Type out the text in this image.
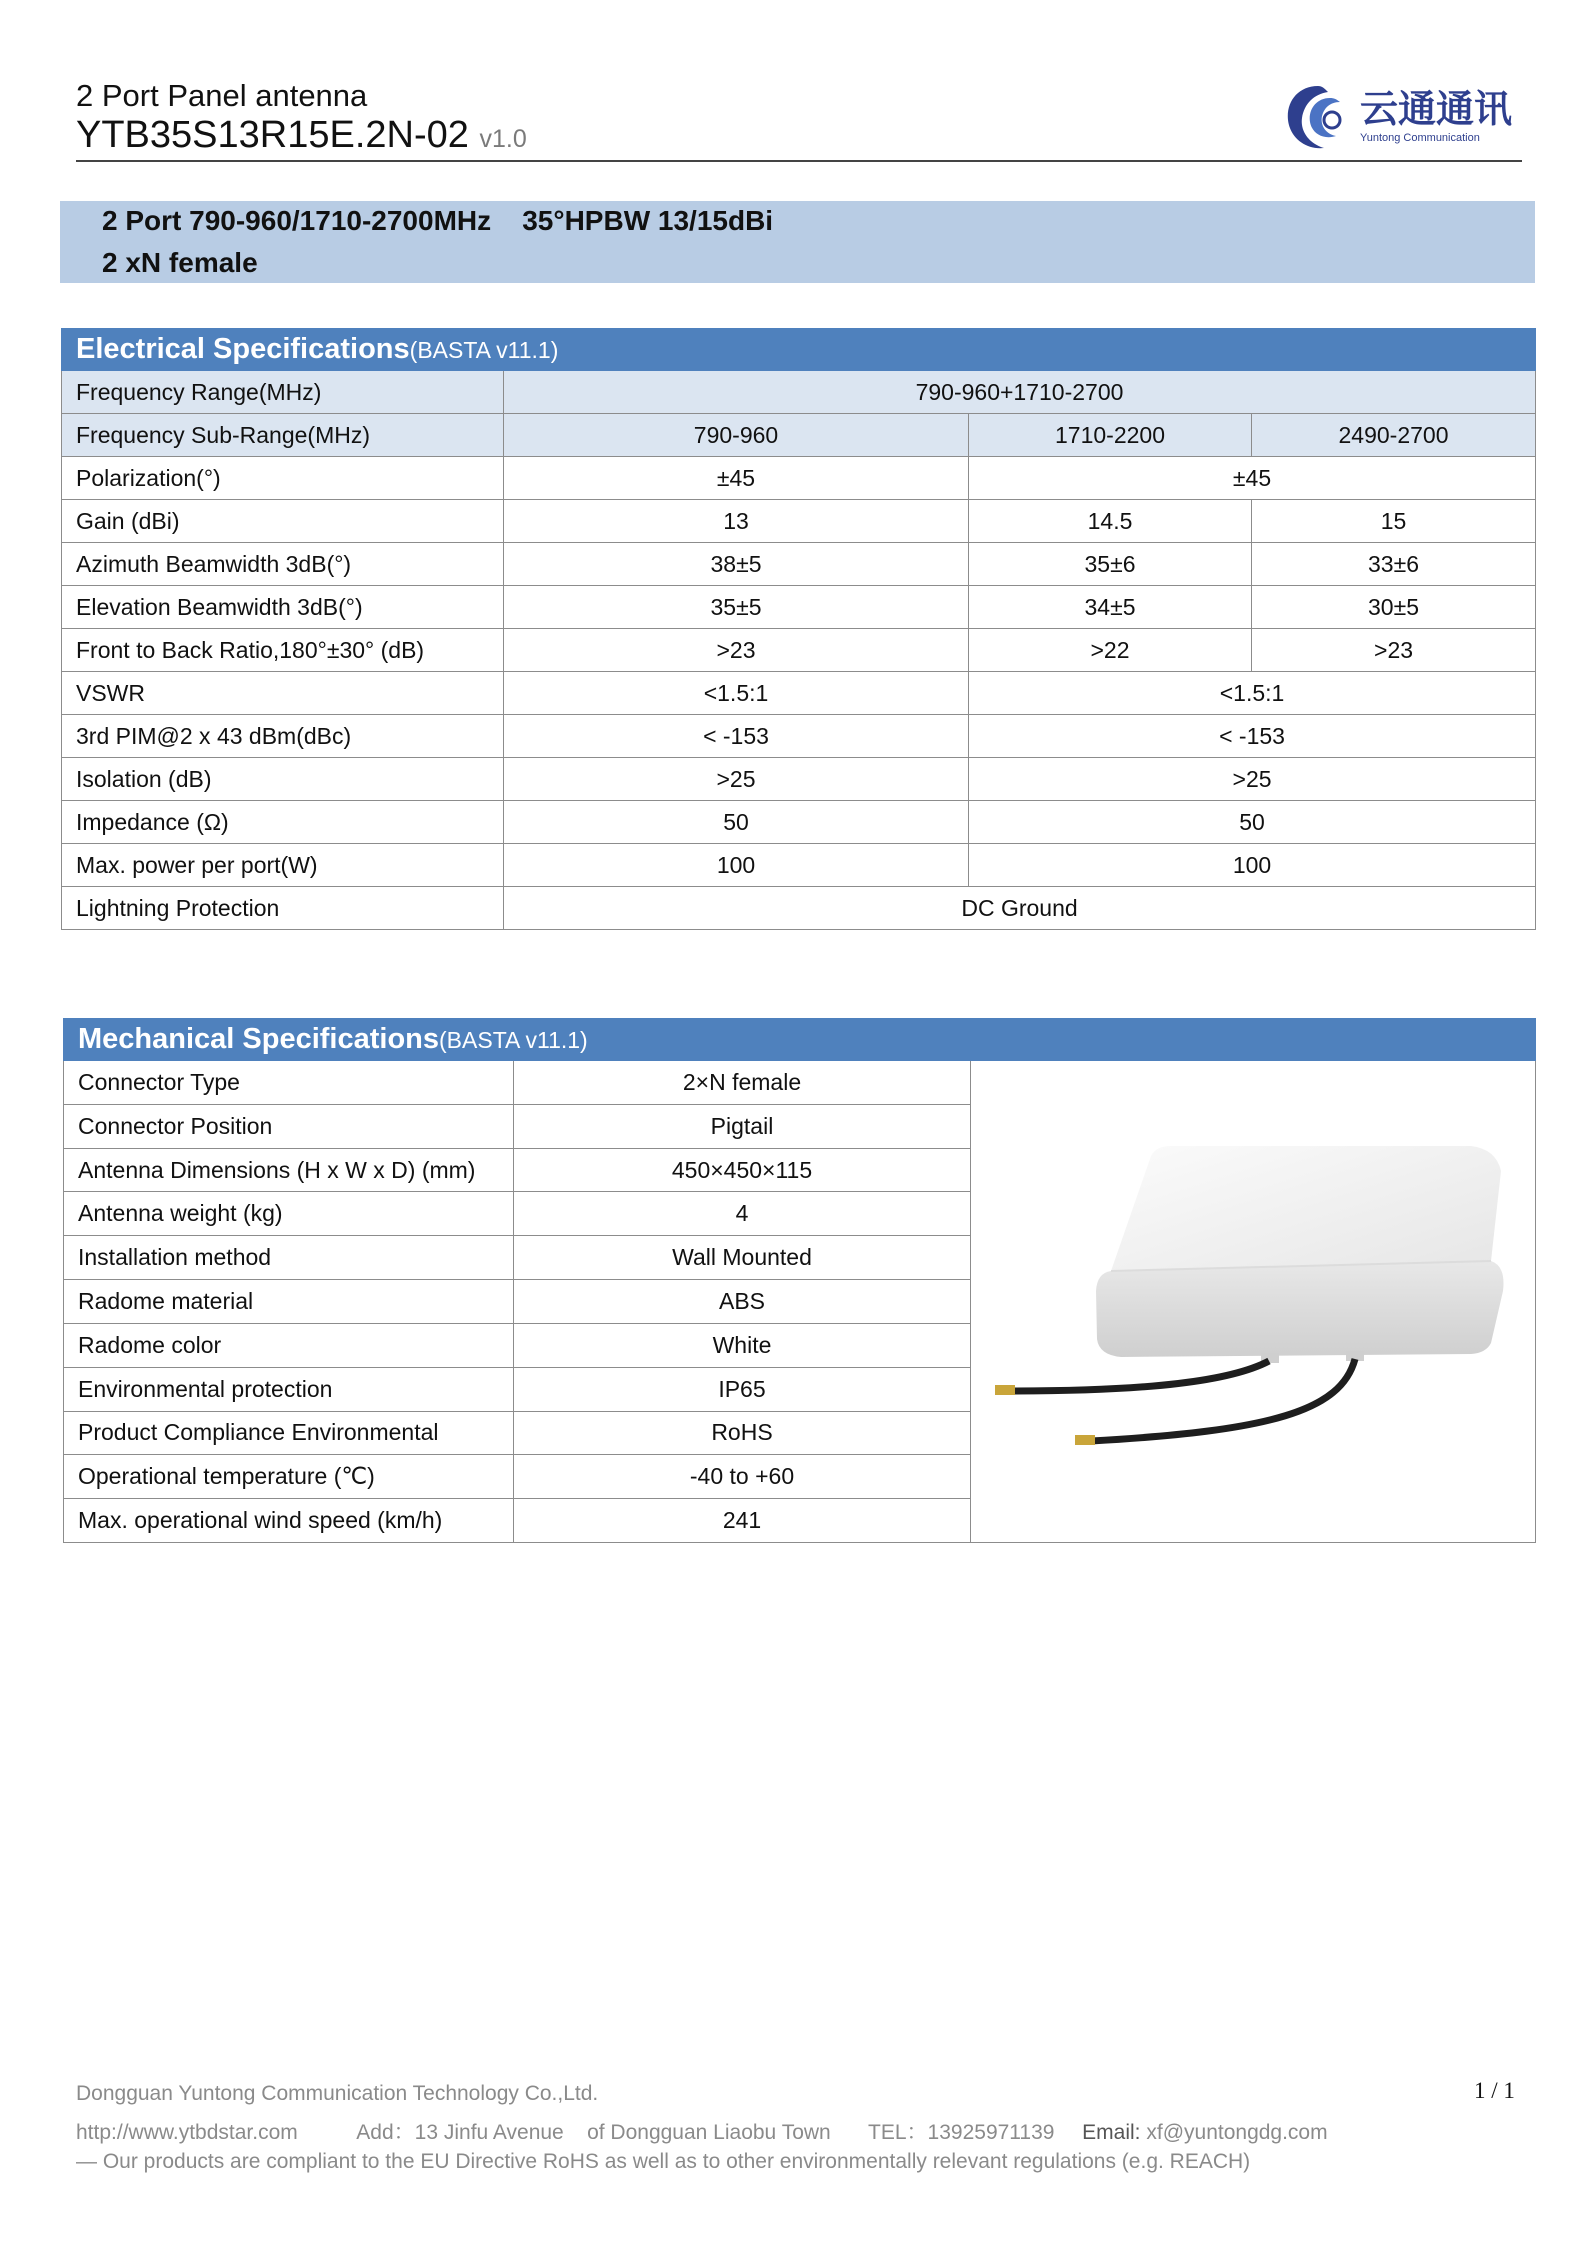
2 Port Panel antenna
YTB35S13R15E.2N-02 v1.0
云通通讯
Yuntong Communication
2 Port 790-960/1710-2700MHz    35°HPBW 13/15dBi
2 xN female
Electrical Specifications(BASTA v11.1)			
Frequency Range(MHz)	790-960+1710-2700		
Frequency Sub-Range(MHz)	790-960	1710-2200	2490-2700
Polarization(°)	±45	±45	
Gain (dBi)	13	14.5	15
Azimuth Beamwidth 3dB(°)	38±5	35±6	33±6
Elevation Beamwidth 3dB(°)	35±5	34±5	30±5
Front to Back Ratio,180°±30° (dB)	>23	>22	>23
VSWR	<1.5:1	<1.5:1	
3rd PIM@2 x 43 dBm(dBc)	< -153	< -153	
Isolation (dB)	>25	>25	
Impedance (Ω)	50	50	
Max. power per port(W)	100	100	
Lightning Protection	DC Ground		
Mechanical Specifications(BASTA v11.1)		
Connector Type	2×N female	
Connector Position	Pigtail	
Antenna Dimensions (H x W x D) (mm)	450×450×115	
Antenna weight (kg)	4	
Installation method	Wall Mounted	
Radome material	ABS	
Radome color	White	
Environmental protection	IP65	
Product Compliance Environmental	RoHS	
Operational temperature (℃)	-40 to +60	
Max. operational wind speed (km/h)	241	
1 / 1
Dongguan Yuntong Communication Technology Co.,Ltd.
http://www.ytbdstar.com	Add：13 Jinfu Avenue    of Dongguan Liaobu Town TEL：13925971139 Email: xf@yuntongdg.com
— Our products are compliant to the EU Directive RoHS as well as to other environmentally relevant regulations (e.g. REACH)
